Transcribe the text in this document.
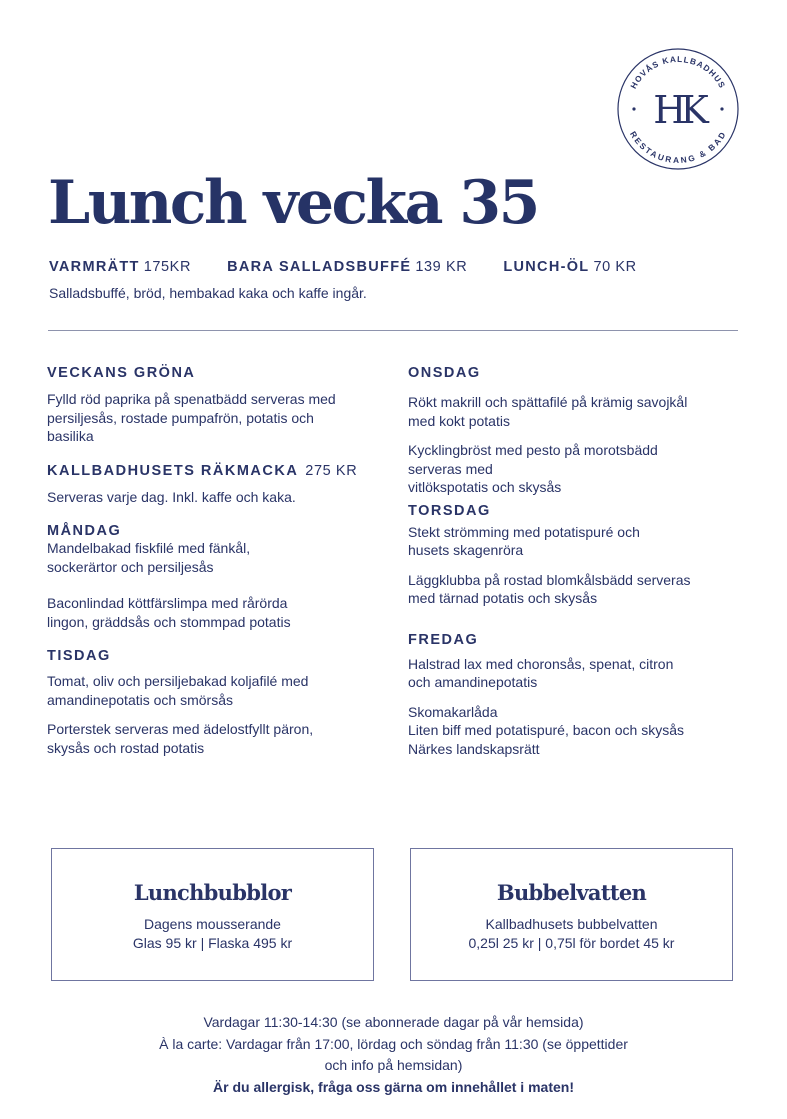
HOVÅS KALLBADHUS
RESTAURANG & BAD
HK
Lunch vecka 35
VARMRÄTT 175KR BARA SALLADSBUFFÉ 139 KR LUNCH-ÖL 70 KR
Salladsbuffé, bröd, hembakad kaka och kaffe ingår.

VECKANS GRÖNA

Fylld röd paprika på spenatbädd serveras med
persiljesås, rostade pumpafrön, potatis och
basilika

KALLBADHUSETS RÄKMACKA 275 KR

Serveras varje dag. Inkl. kaffe och kaka.

MÅNDAG

Mandelbakad fiskfilé med fänkål,
sockerärtor och persiljesås

Baconlindad köttfärslimpa med rårörda
lingon, gräddsås och stommpad potatis

TISDAG

Tomat, oliv och persiljebakad koljafilé med
amandinepotatis och smörsås

Porterstek serveras med ädelostfyllt päron,
skysås och rostad potatis

ONSDAG

Rökt makrill och spättafilé på krämig savojkål
med kokt potatis

Kycklingbröst med pesto på morotsbädd
serveras med
vitlökspotatis och skysås

TORSDAG

Stekt strömming med potatispuré och
husets skagenröra

Läggklubba på rostad blomkålsbädd serveras
med tärnad potatis och skysås

FREDAG

Halstrad lax med choronsås, spenat, citron
och amandinepotatis

Skomakarlåda
Liten biff med potatispuré, bacon och skysås
Närkes landskapsrätt

Lunchbubblor
Dagens mousserande
Glas 95 kr | Flaska 495 kr
Bubbelvatten
Kallbadhusets bubbelvatten
0,25l 25 kr | 0,75l för bordet 45 kr
Vardagar 11:30-14:30 (se abonnerade dagar på vår hemsida)
À la carte: Vardagar från 17:00, lördag och söndag från 11:30 (se öppettider
och info på hemsidan)
Är du allergisk, fråga oss gärna om innehållet i maten!
